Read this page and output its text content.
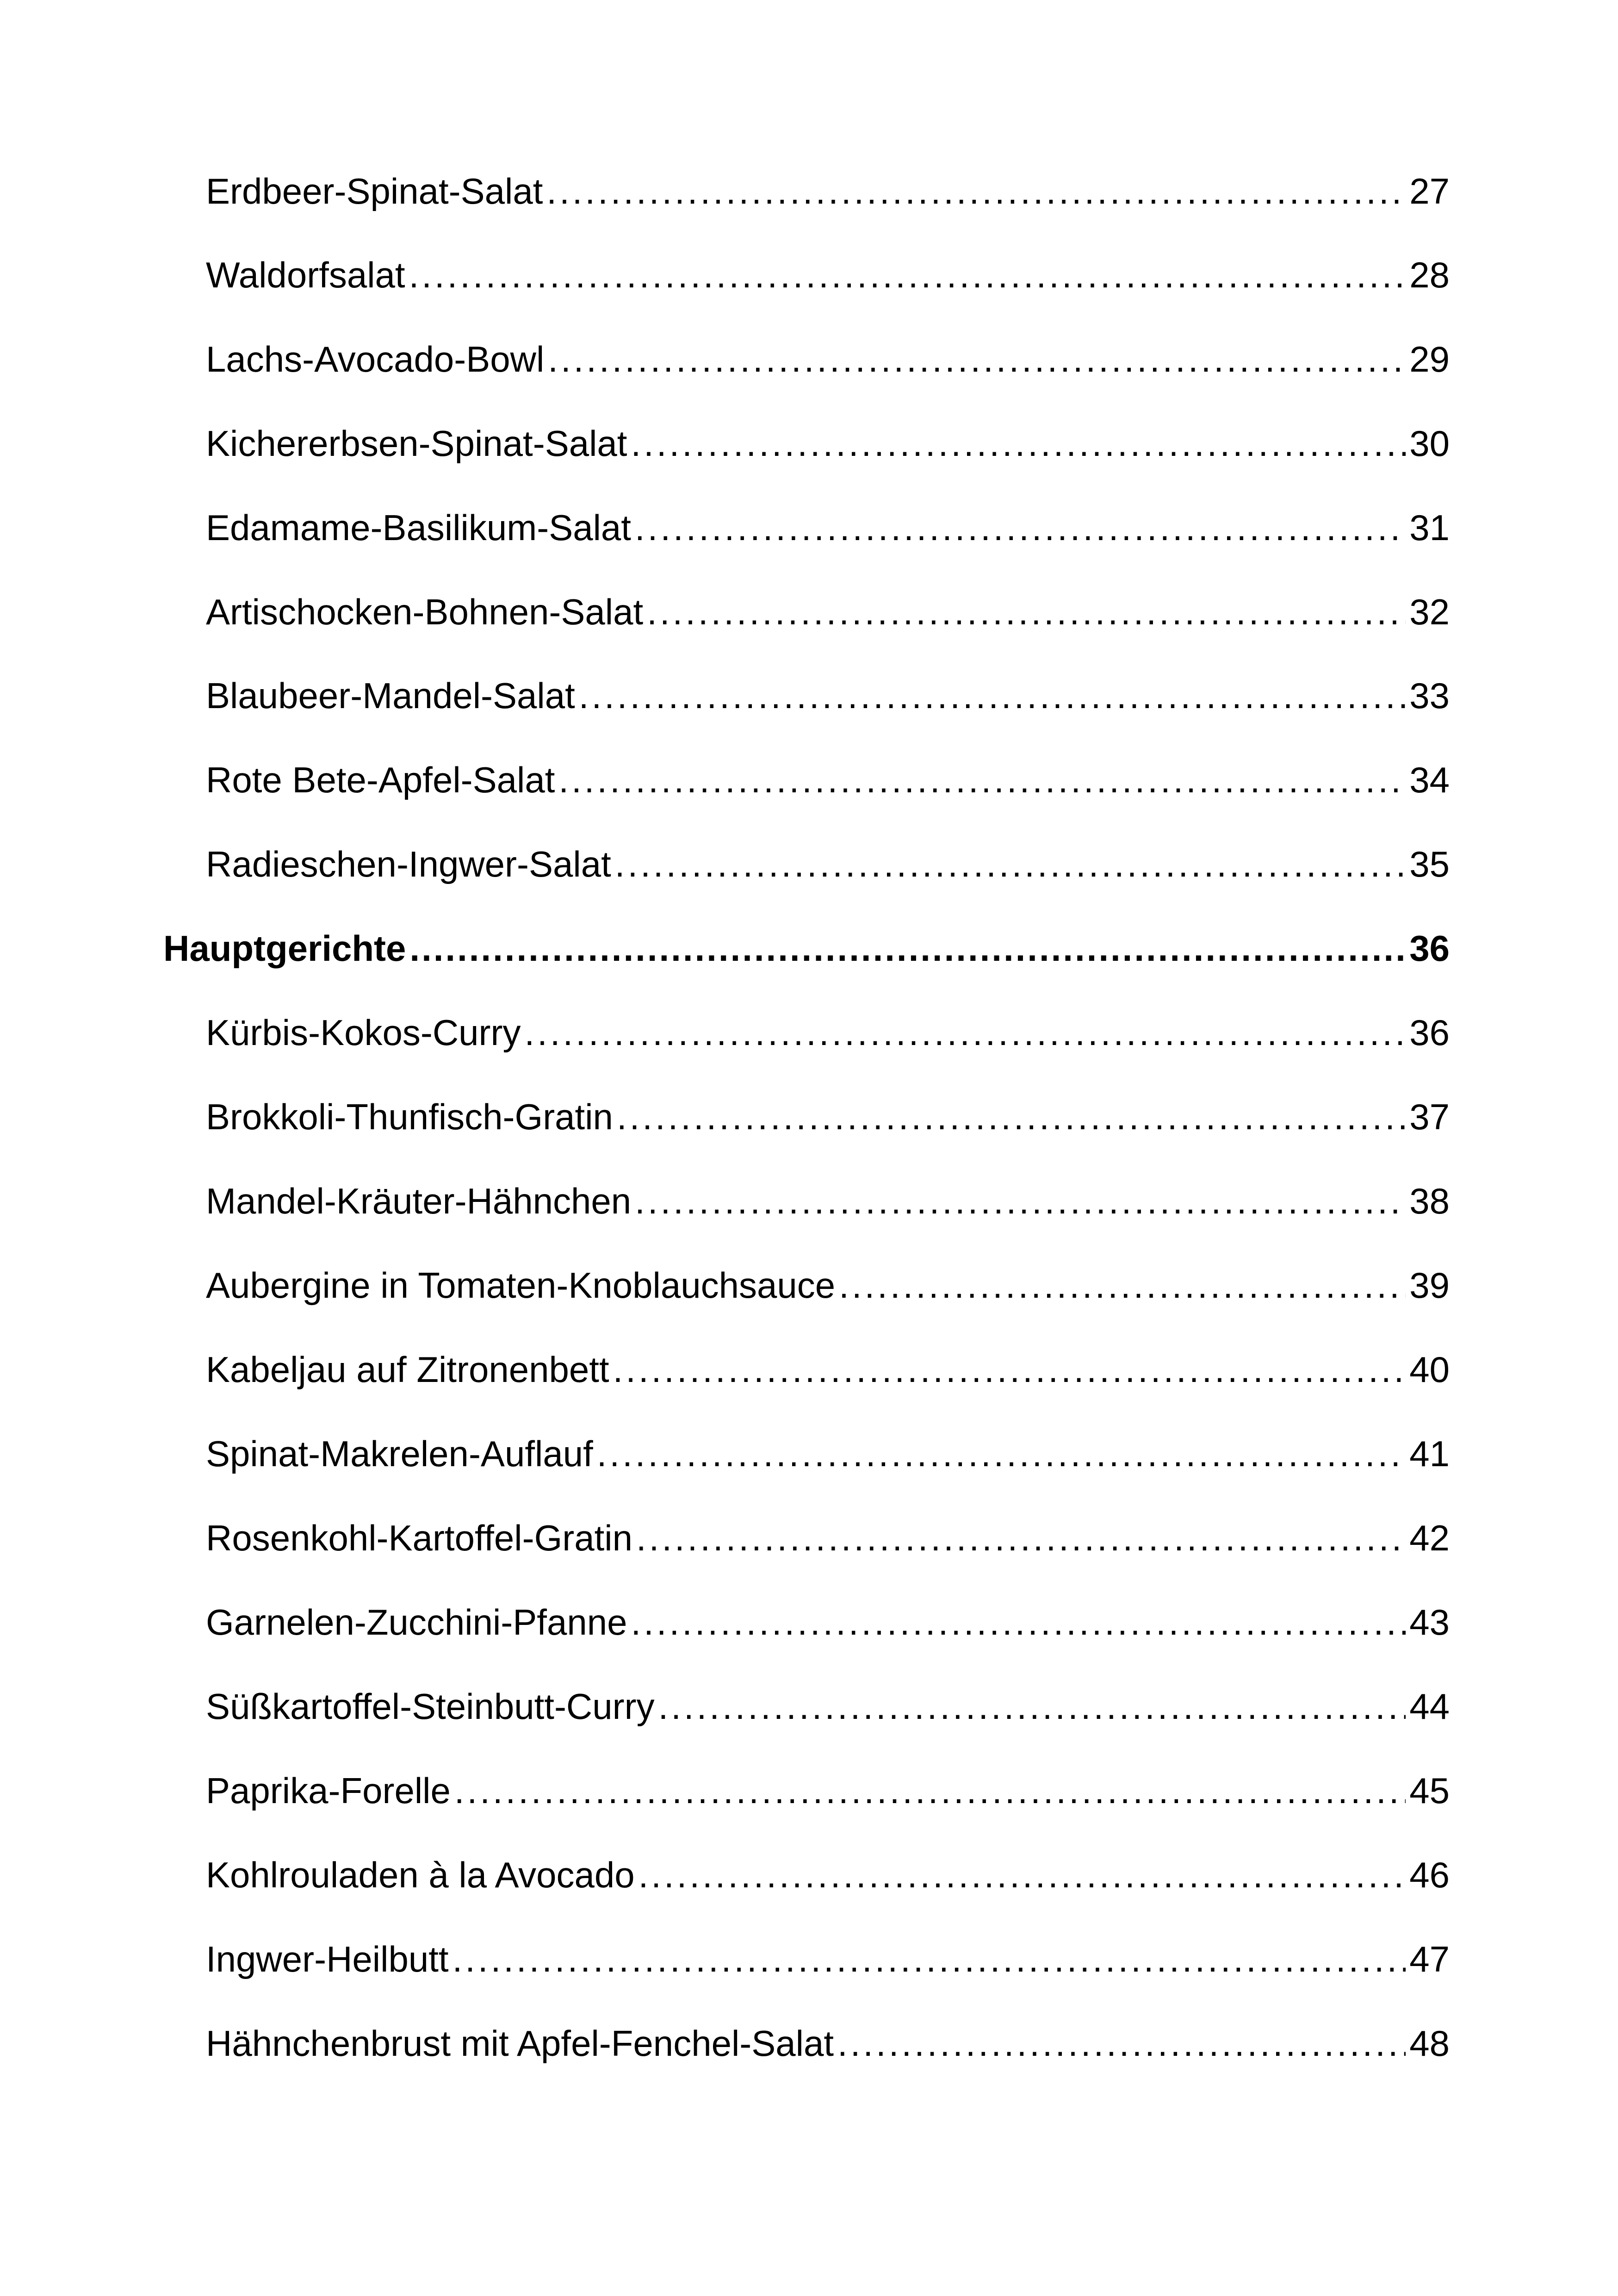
Erdbeer-Spinat-Salat .....	27
Waldorfsalat .....	28
Lachs-Avocado-Bowl .....	29
Kichererbsen-Spinat-Salat .....	30
Edamame-Basilikum-Salat .....	31
Artischocken-Bohnen-Salat .....	32
Blaubeer-Mandel-Salat .....	33
Rote Bete-Apfel-Salat .....	34
Radieschen-Ingwer-Salat .....	35
Hauptgerichte .....	36
Kürbis-Kokos-Curry .....	36
Brokkoli-Thunfisch-Gratin .....	37
Mandel-Kräuter-Hähnchen .....	38
Aubergine in Tomaten-Knoblauchsauce .....	39
Kabeljau auf Zitronenbett .....	40
Spinat-Makrelen-Auflauf .....	41
Rosenkohl-Kartoffel-Gratin .....	42
Garnelen-Zucchini-Pfanne .....	43
Süßkartoffel-Steinbutt-Curry .....	44
Paprika-Forelle .....	45
Kohlrouladen à la Avocado .....	46
Ingwer-Heilbutt .....	47
Hähnchenbrust mit Apfel-Fenchel-Salat .....	48
